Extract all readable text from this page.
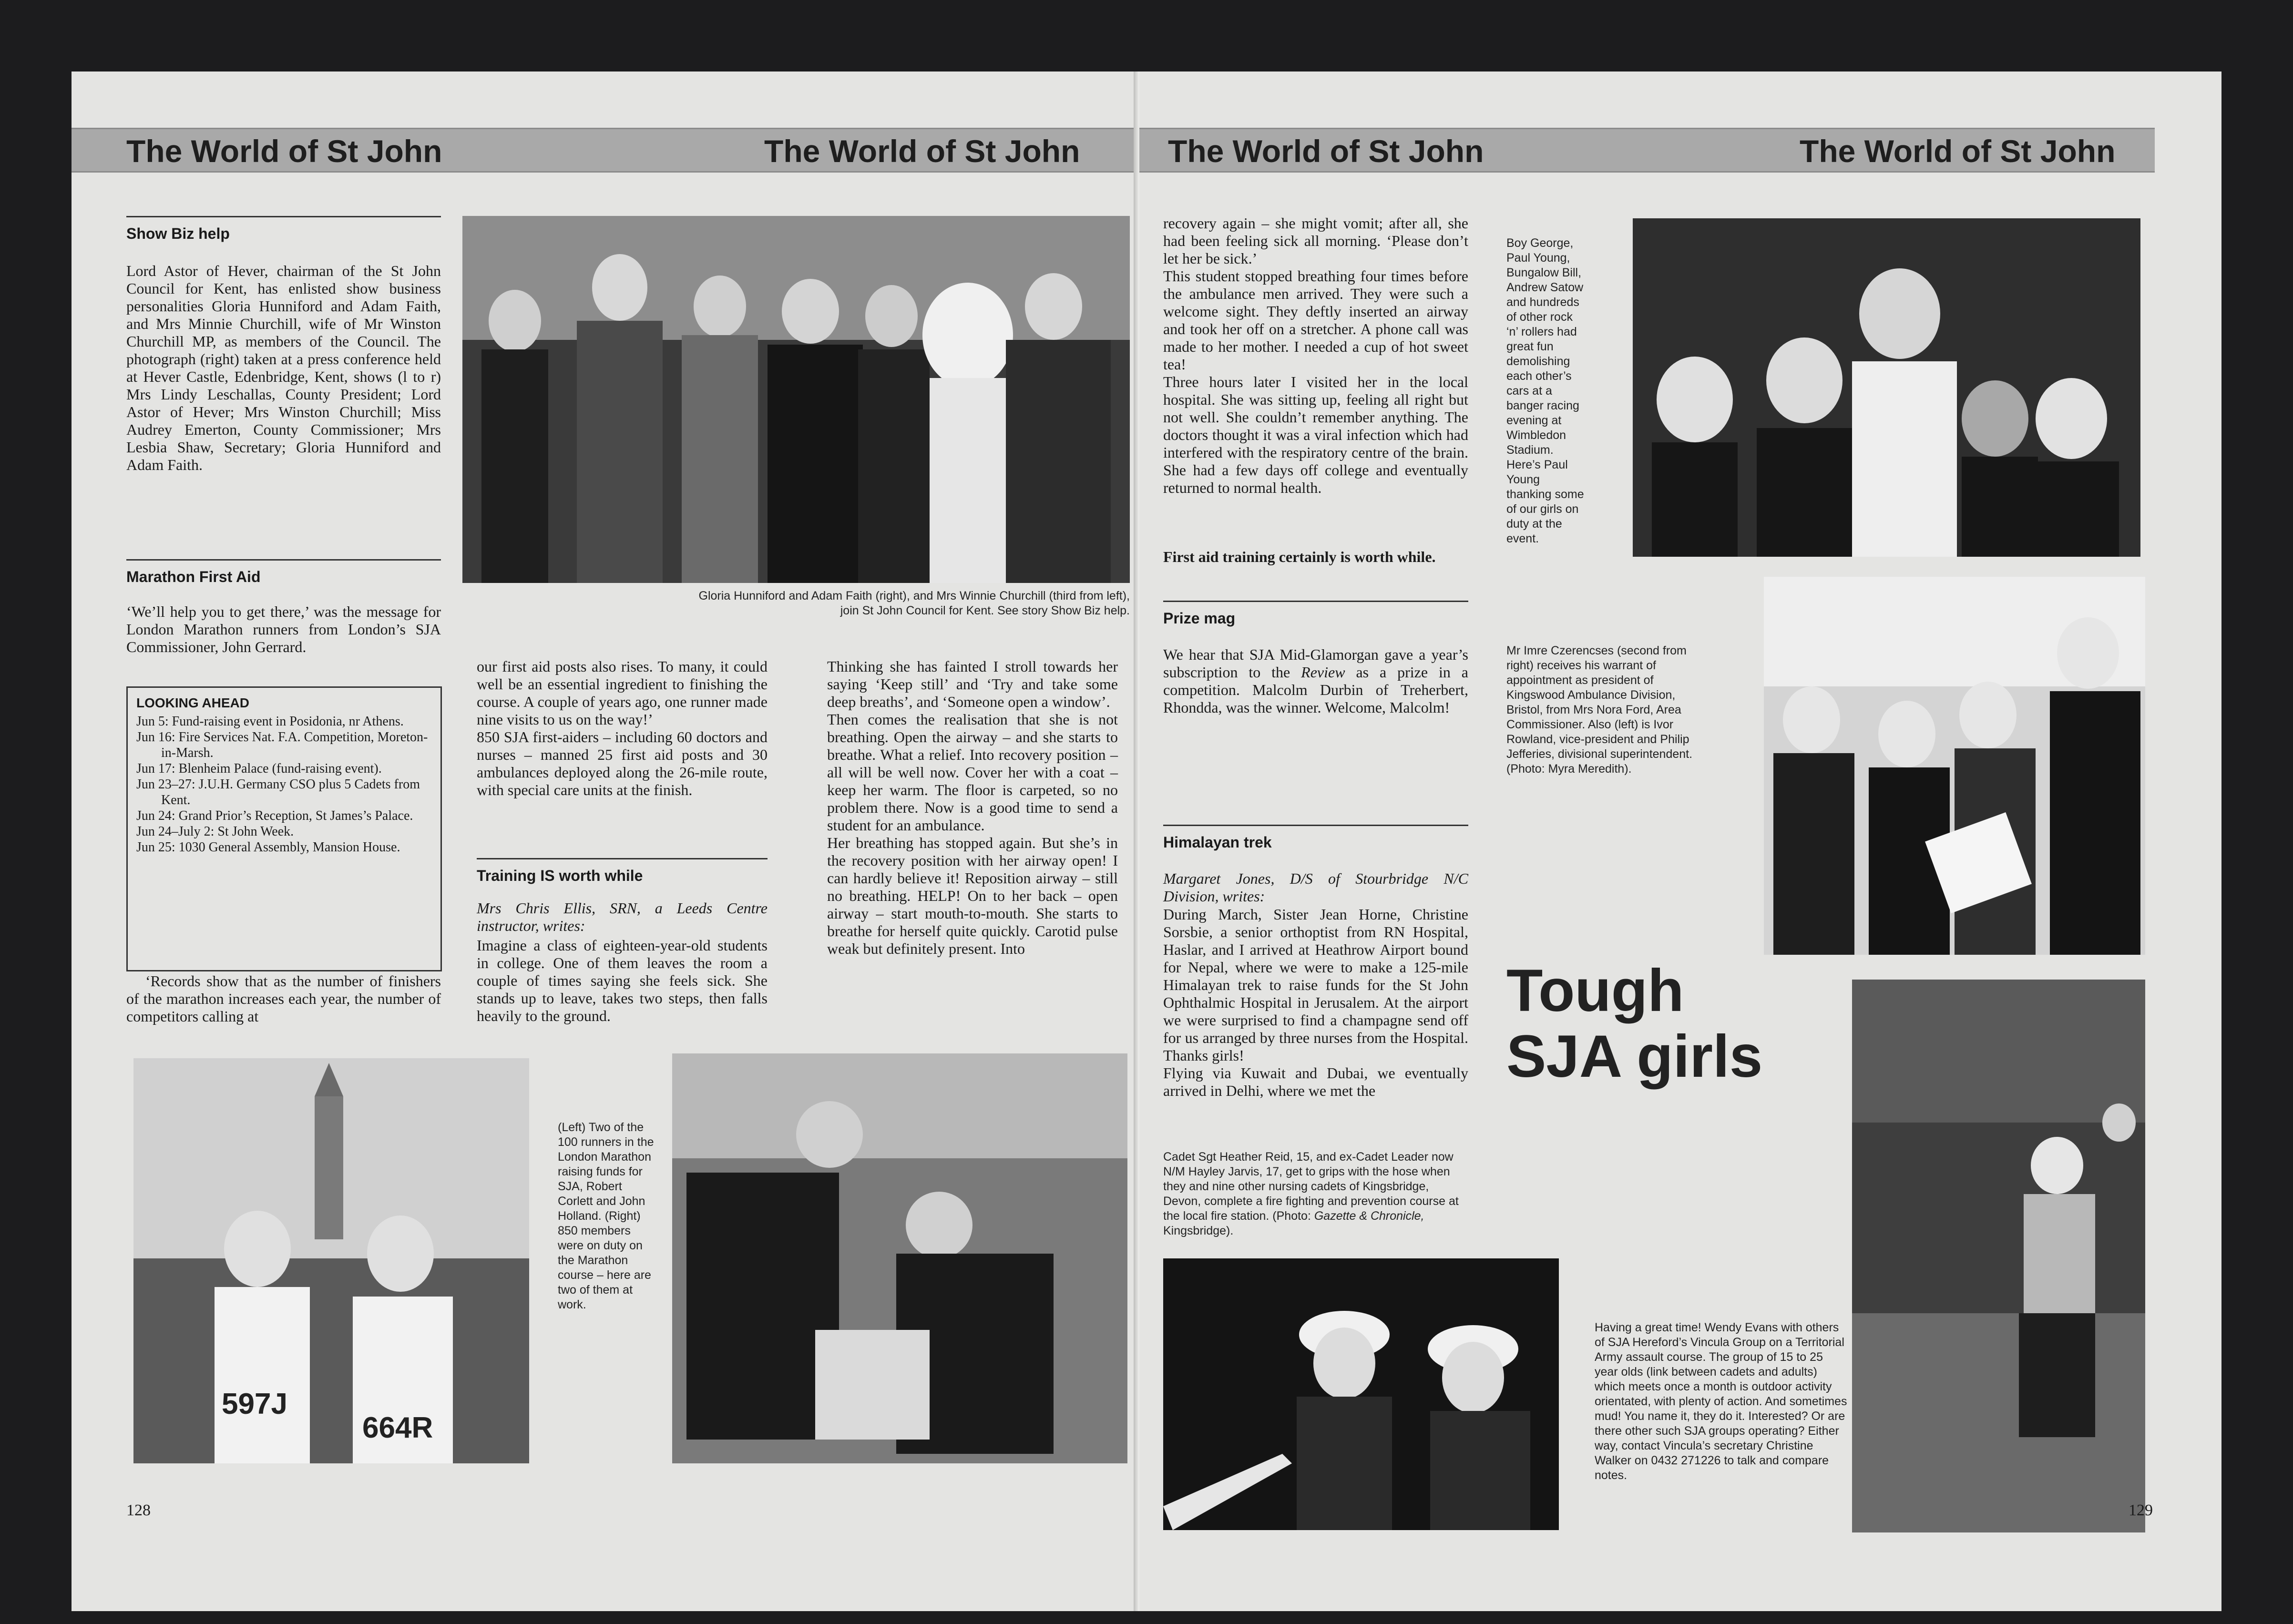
The World of St John	The World of St John
Show Biz help
Lord Astor of Hever, chairman of the St John Council for Kent, has enlisted show business personalities Gloria Hunniford and Adam Faith, and Mrs Minnie Churchill, wife of Mr Winston Churchill MP, as members of the Council. The photograph (right) taken at a press conference held at Hever Castle, Edenbridge, Kent, shows (l to r) Mrs Lindy Leschallas, County President; Lord Astor of Hever; Mrs Winston Churchill; Miss Audrey Emerton, County Commissioner; Mrs Lesbia Shaw, Secretary; Gloria Hunniford and Adam Faith.
Gloria Hunniford and Adam Faith (right), and Mrs Winnie Churchill (third from left), join St John Council for Kent. See story Show Biz help.
Marathon First Aid
‘We’ll help you to get there,’ was the message for London Marathon runners from London’s SJA Commissioner, John Gerrard.
LOOKING AHEAD
Jun 5: Fund-raising event in Posidonia, nr Athens.
Jun 16: Fire Services Nat. F.A. Competition, Moreton-in-Marsh.
Jun 17: Blenheim Palace (fund-raising event).
Jun 23–27: J.U.H. Germany CSO plus 5 Cadets from Kent.
Jun 24: Grand Prior’s Reception, St James’s Palace.
Jun 24–July 2: St John Week.
Jun 25: 1030 General Assembly, Mansion House.
‘Records show that as the number of finishers of the marathon increases each year, the number of competitors calling at
our first aid posts also rises. To many, it could well be an essential ingredient to finishing the course. A couple of years ago, one runner made nine visits to us on the way!’
850 SJA first-aiders – including 60 doctors and nurses – manned 25 first aid posts and 30 ambulances deployed along the 26-mile route, with special care units at the finish.
Training IS worth while
Mrs Chris Ellis, SRN, a Leeds Centre instructor, writes:
Imagine a class of eighteen-year-old students in college. One of them leaves the room a couple of times saying she feels sick. She stands up to leave, takes two steps, then falls heavily to the ground.
Thinking she has fainted I stroll towards her saying ‘Keep still’ and ‘Try and take some deep breaths’, and ‘Someone open a window’.
Then comes the realisation that she is not breathing. Open the airway – and she starts to breathe. What a relief. Into recovery position – all will be well now. Cover her with a coat – keep her warm. The floor is carpeted, so no problem there. Now is a good time to send a student for an ambulance.
Her breathing has stopped again. But she’s in the recovery position with her airway open! I can hardly believe it! Reposition airway – still no breathing. HELP! On to her back – open airway – start mouth-to-mouth. She starts to breathe for herself quite quickly. Carotid pulse weak but definitely present. Into
597J
664R
(Left) Two of the 100 runners in the London Marathon raising funds for SJA, Robert Corlett and John Holland. (Right) 850 members were on duty on the Marathon course – here are two of them at work.
128
The World of St John	The World of St John
recovery again – she might vomit; after all, she had been feeling sick all morning. ‘Please don’t let her be sick.’
This student stopped breathing four times before the ambulance men arrived. They were such a welcome sight. They deftly inserted an airway and took her off on a stretcher. A phone call was made to her mother. I needed a cup of hot sweet tea!
Three hours later I visited her in the local hospital. She was sitting up, feeling all right but not well. She couldn’t remember anything. The doctors thought it was a viral infection which had interfered with the respiratory centre of the brain. She had a few days off college and eventually returned to normal health.
First aid training certainly is worth while.
Boy George, Paul Young, Bungalow Bill, Andrew Satow and hundreds of other rock ‘n’ rollers had great fun demolishing each other’s cars at a banger racing evening at Wimbledon Stadium. Here’s Paul Young thanking some of our girls on duty at the event.
Prize mag
We hear that SJA Mid-Glamorgan gave a year’s subscription to the Review as a prize in a competition. Malcolm Durbin of Treherbert, Rhondda, was the winner. Welcome, Malcolm!
Mr Imre Czerencses (second from right) receives his warrant of appointment as president of Kingswood Ambulance Division, Bristol, from Mrs Nora Ford, Area Commissioner. Also (left) is Ivor Rowland, vice-president and Philip Jefferies, divisional superintendent. (Photo: Myra Meredith).
Himalayan trek
Margaret Jones, D/S of Stourbridge N/C Division, writes:
During March, Sister Jean Horne, Christine Sorsbie, a senior orthoptist from RN Hospital, Haslar, and I arrived at Heathrow Airport bound for Nepal, where we were to make a 125-mile Himalayan trek to raise funds for the St John Ophthalmic Hospital in Jerusalem. At the airport we were surprised to find a champagne send off for us arranged by three nurses from the Hospital. Thanks girls!
Flying via Kuwait and Dubai, we eventually arrived in Delhi, where we met the
Tough SJA girls
Cadet Sgt Heather Reid, 15, and ex-Cadet Leader now N/M Hayley Jarvis, 17, get to grips with the hose when they and nine other nursing cadets of Kingsbridge, Devon, complete a fire fighting and prevention course at the local fire station. (Photo: Gazette & Chronicle, Kingsbridge).
Having a great time! Wendy Evans with others of SJA Hereford’s Vincula Group on a Territorial Army assault course. The group of 15 to 25 year olds (link between cadets and adults) which meets once a month is outdoor activity orientated, with plenty of action. And sometimes mud! You name it, they do it. Interested? Or are there other such SJA groups operating? Either way, contact Vincula’s secretary Christine Walker on 0432 271226 to talk and compare notes.
129
